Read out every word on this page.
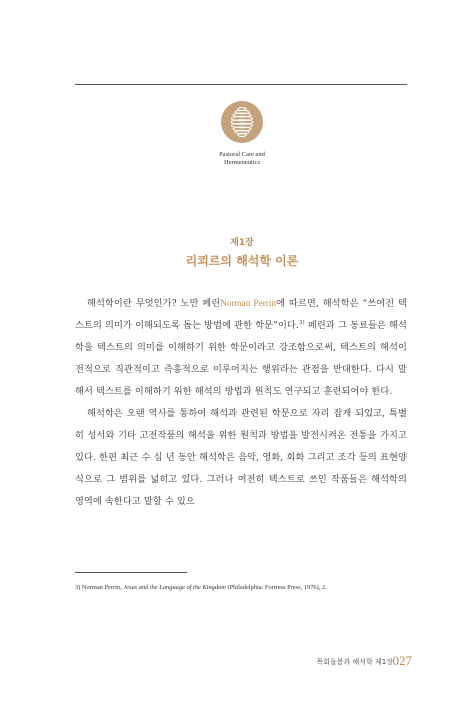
Pastoral Care and
Hermeneutics
제1장
리쾨르의 해석학 이론

해석학이란 무엇인가? 노만 페린Norman Perrin에 따르면, 해석학은 “쓰여진 텍스트의 의미가 이해되도록 돕는 방법에 관한 학문”이다.$^{3)}$ 페린과 그 동료들은 해석학을 텍스트의 의미를 이해하기 위한 학문이라고 강조함으로써, 텍스트의 해석이 전적으로 직관적이고 즉흥적으로 이루어지는 행위라는 관점을 반대한다. 다시 말해서 텍스트를 이해하기 위한 해석의 방법과 원칙도 연구되고 훈련되어야 한다.

해석학은 오랜 역사를 통하여 해석과 관련된 학문으로 자리 잡게 되었고, 특별히 성서와 기타 고전작품의 해석을 위한 원칙과 방법을 발전시켜온 전통을 가지고 있다. 한편 최근 수 십 년 동안 해석학은 음악, 영화, 회화 그리고 조각 등의 표현양식으로 그 범위를 넓히고 있다. 그러나 여전히 텍스트로 쓰인 작품들은 해석학의 영역에 속한다고 말할 수 있으

3) Norman Perrin, Jesus and the Language of the Kingdom (Philadelphia: Fortress Press, 1976), 2.
목회돌봄과 해석학 제1장 027
